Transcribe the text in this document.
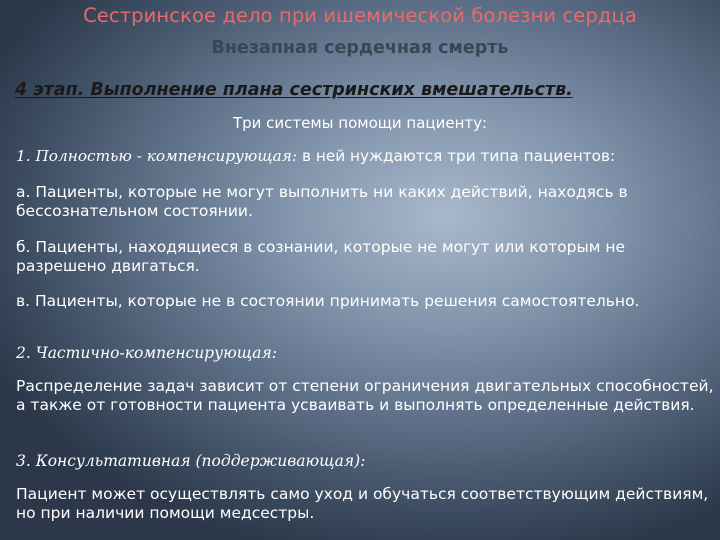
Сестринское дело при ишемической болезни сердца
Внезапная сердечная смерть
4 этап. Выполнение плана сестринских вмешательств.
Три системы помощи пациенту:
1. Полностью - компенсирующая: в ней нуждаются три типа пациентов:
а. Пациенты, которые не могут выполнить ни каких действий, находясь в бессознательном состоянии.
б. Пациенты, находящиеся в сознании, которые не могут или которым не разрешено двигаться.
в. Пациенты, которые не в состоянии принимать решения самостоятельно.
2. Частично-компенсирующая:
Распределение задач зависит от степени ограничения двигательных способностей, а также от готовности пациента усваивать и выполнять определенные действия.
3. Консультативная (поддерживающая):
Пациент может осуществлять само уход и обучаться соответствующим действиям, но при наличии помощи медсестры.
